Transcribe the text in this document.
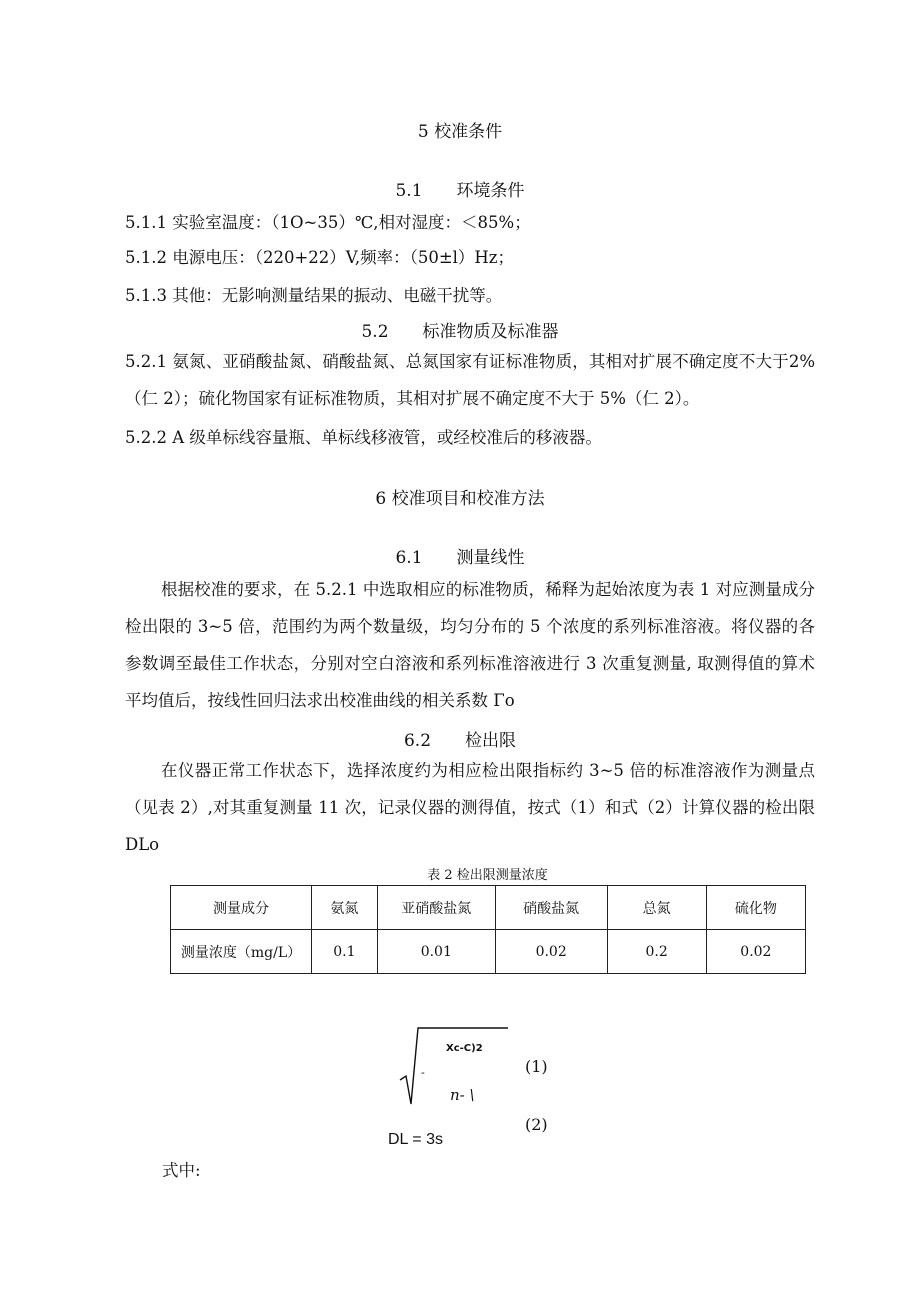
5 校准条件
5.1 环境条件
5.1.1 实验室温度：（1O~35）℃,相对湿度：＜85%；
5.1.2 电源电压：（220+22）V,频率：（50±l）Hz；
5.1.3 其他：无影响测量结果的振动、电磁干扰等。
5.2 标准物质及标准器
5.2.1 氨氮、亚硝酸盐氮、硝酸盐氮、总氮国家有证标准物质，其相对扩展不确定度不大于2%（仁 2）；硫化物国家有证标准物质，其相对扩展不确定度不大于 5%（仁 2）。
5.2.2 A 级单标线容量瓶、单标线移液管，或经校准后的移液器。
6 校准项目和校准方法
6.1 测量线性
根据校准的要求，在 5.2.1 中选取相应的标准物质，稀释为起始浓度为表 1 对应测量成分检出限的 3~5 倍，范围约为两个数量级，均匀分布的 5 个浓度的系列标准溶液。将仪器的各参数调至最佳工作状态，分别对空白溶液和系列标准溶液进行 3 次重复测量, 取测得值的算术平均值后，按线性回归法求出校准曲线的相关系数 Γo
6.2 检出限
在仪器正常工作状态下，选择浓度约为相应检出限指标约 3~5 倍的标准溶液作为测量点（见表 2）,对其重复测量 11 次，记录仪器的测得值，按式（1）和式（2）计算仪器的检出限 DLo
表 2 检出限测量浓度
测量成分	氨氮	亚硝酸盐氮	硝酸盐氮	总氮	硫化物
测量浓度（mg/L）	0.1	0.01	0.02	0.2	0.02
Xc-C)2
-
n- \
(1)
(2)
DL = 3s
式中:
